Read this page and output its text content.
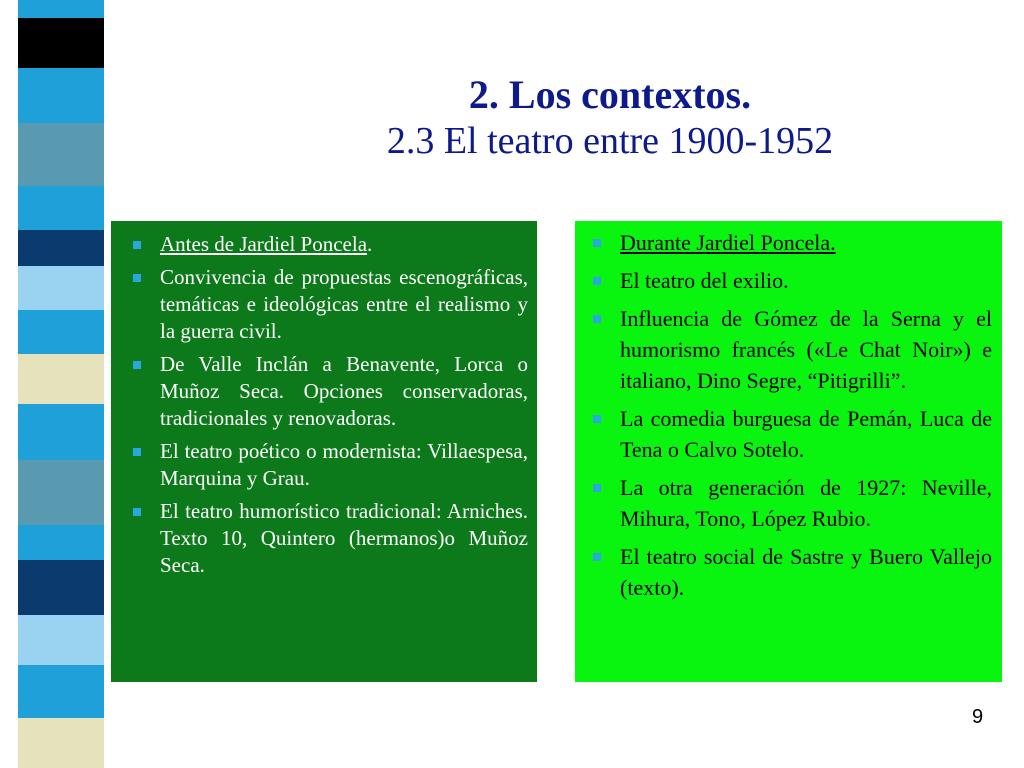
2. Los contextos.
2.3 El teatro entre 1900-1952
Antes de Jardiel Poncela.
Convivencia de propuestas escenográficas, temáticas e ideológicas entre el realismo y la guerra civil.
De Valle Inclán a Benavente, Lorca o Muñoz Seca. Opciones conservadoras, tradicionales y renovadoras.
El teatro poético o modernista: Villaespesa, Marquina y Grau.
El teatro humorístico tradicional: Arniches. Texto 10, Quintero (hermanos)o Muñoz Seca.
Durante Jardiel Poncela.
El teatro del exilio.
Influencia de Gómez de la Serna y el humorismo francés («Le Chat Noir») e italiano, Dino Segre, “Pitigrilli”.
La comedia burguesa de Pemán, Luca de Tena o Calvo Sotelo.
La otra generación de 1927: Neville, Mihura, Tono, López Rubio.
El teatro social de Sastre y Buero Vallejo (texto).
9
